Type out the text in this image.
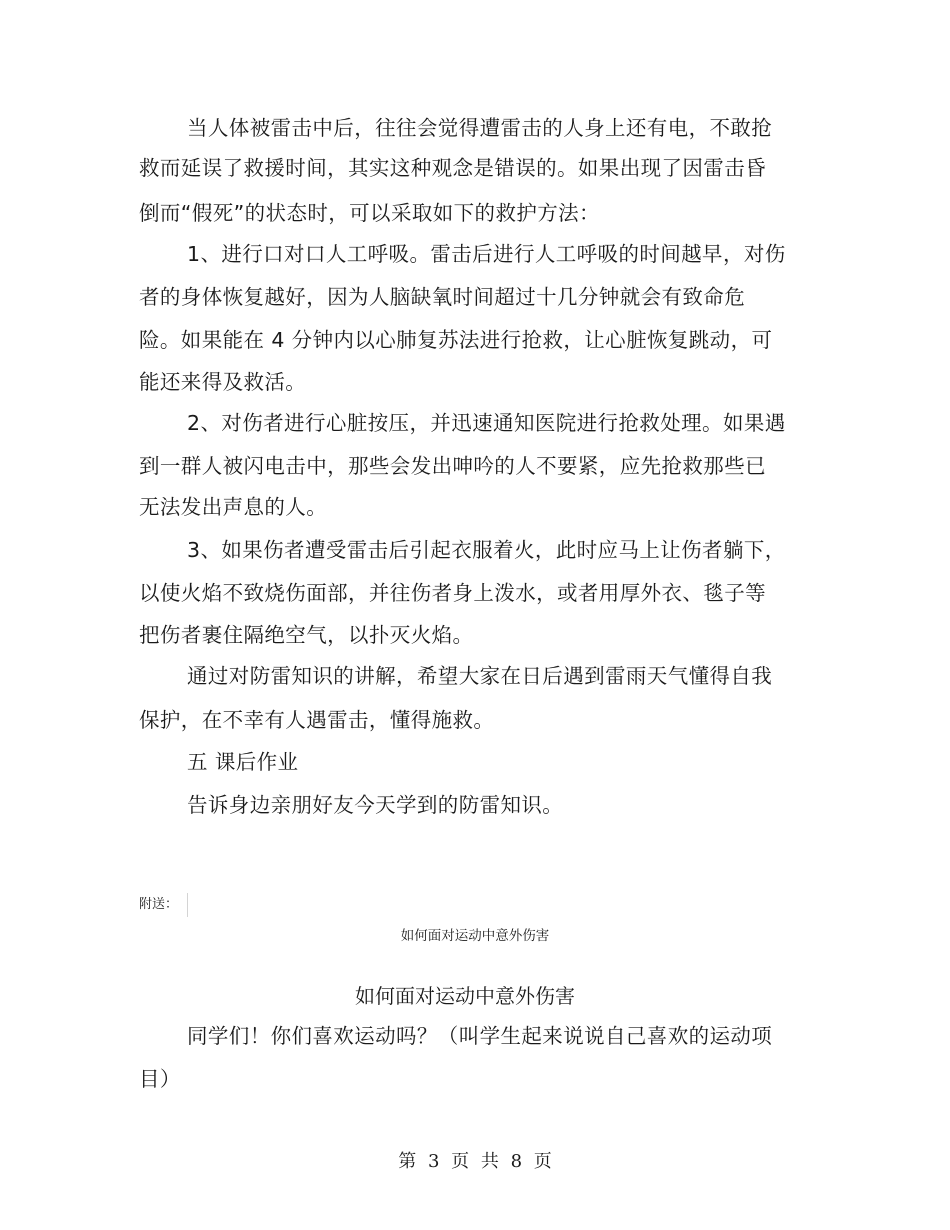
当人体被雷击中后，往往会觉得遭雷击的人身上还有电，不敢抢
救而延误了救援时间，其实这种观念是错误的。如果出现了因雷击昏
倒而“假死”的状态时，可以采取如下的救护方法：
1、进行口对口人工呼吸。雷击后进行人工呼吸的时间越早，对伤
者的身体恢复越好，因为人脑缺氧时间超过十几分钟就会有致命危
险。如果能在 4 分钟内以心肺复苏法进行抢救，让心脏恢复跳动，可
能还来得及救活。
2、对伤者进行心脏按压，并迅速通知医院进行抢救处理。如果遇
到一群人被闪电击中，那些会发出呻吟的人不要紧，应先抢救那些已
无法发出声息的人。
3、如果伤者遭受雷击后引起衣服着火，此时应马上让伤者躺下，
以使火焰不致烧伤面部，并往伤者身上泼水，或者用厚外衣、毯子等
把伤者裹住隔绝空气，以扑灭火焰。
通过对防雷知识的讲解，希望大家在日后遇到雷雨天气懂得自我
保护，在不幸有人遇雷击，懂得施救。
五 课后作业
告诉身边亲朋好友今天学到的防雷知识。
附送：
如何面对运动中意外伤害
如何面对运动中意外伤害
同学们！你们喜欢运动吗？（叫学生起来说说自己喜欢的运动项
目）
第 3 页 共 8 页
